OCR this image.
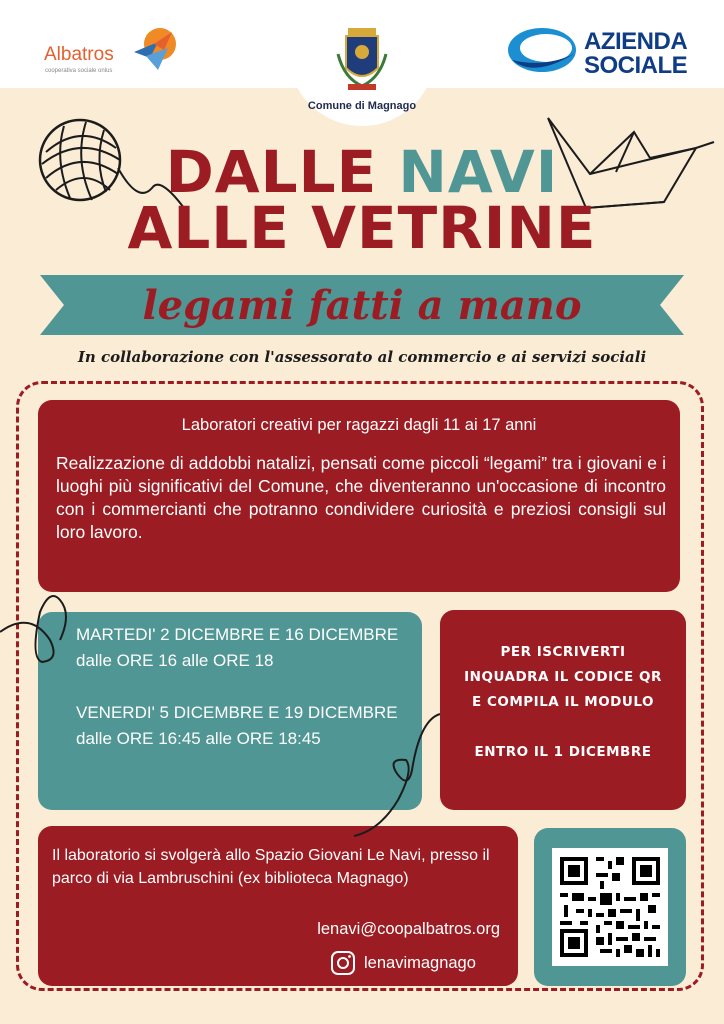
Albatros
cooperativa sociale onlus
Comune di Magnago
AZIENDA
SOCIALE
DALLE NAVI
ALLE VETRINE
legami fatti a mano
In collaborazione con l'assessorato al commercio e ai servizi sociali
Laboratori creativi per ragazzi dagli 11 ai 17 anni
Realizzazione di addobbi natalizi, pensati come piccoli “legami” tra i giovani e i luoghi più significativi del Comune, che diventeranno un'occasione di incontro con i commercianti che potranno condividere curiosità e preziosi consigli sul loro lavoro.
MARTEDI' 2 DICEMBRE E 16 DICEMBRE
dalle ORE 16 alle ORE 18
VENERDI' 5 DICEMBRE E 19 DICEMBRE
dalle ORE 16:45 alle ORE 18:45
PER ISCRIVERTI
INQUADRA IL CODICE QR
E COMPILA IL MODULO
ENTRO IL 1 DICEMBRE
Il laboratorio si svolgerà allo Spazio Giovani Le Navi, presso il parco di via Lambruschini (ex biblioteca Magnago)
lenavi@coopalbatros.org
lenavimagnago
